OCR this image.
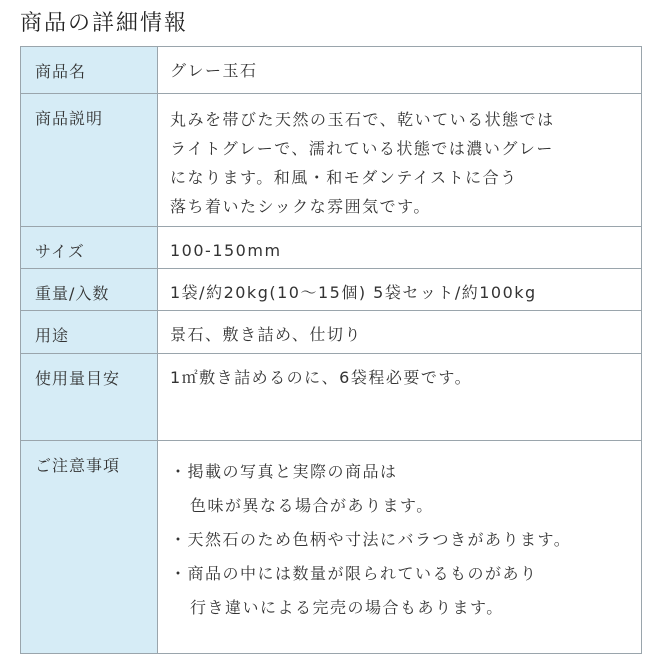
商品の詳細情報
商品名	グレー玉石
商品説明	丸みを帯びた天然の玉石で、乾いている状態では
ライトグレーで、濡れている状態では濃いグレー
になります。和風・和モダンテイストに合う
落ち着いたシックな雰囲気です。
サイズ	100-150mm
重量/入数	1袋/約20kg(10〜15個) 5袋セット/約100kg
用途	景石、敷き詰め、仕切り
使用量目安	1㎡敷き詰めるのに、6袋程必要です。
ご注意事項	・掲載の写真と実際の商品は
色味が異なる場合があります。
・天然石のため色柄や寸法にバラつきがあります。
・商品の中には数量が限られているものがあり
行き違いによる完売の場合もあります。
